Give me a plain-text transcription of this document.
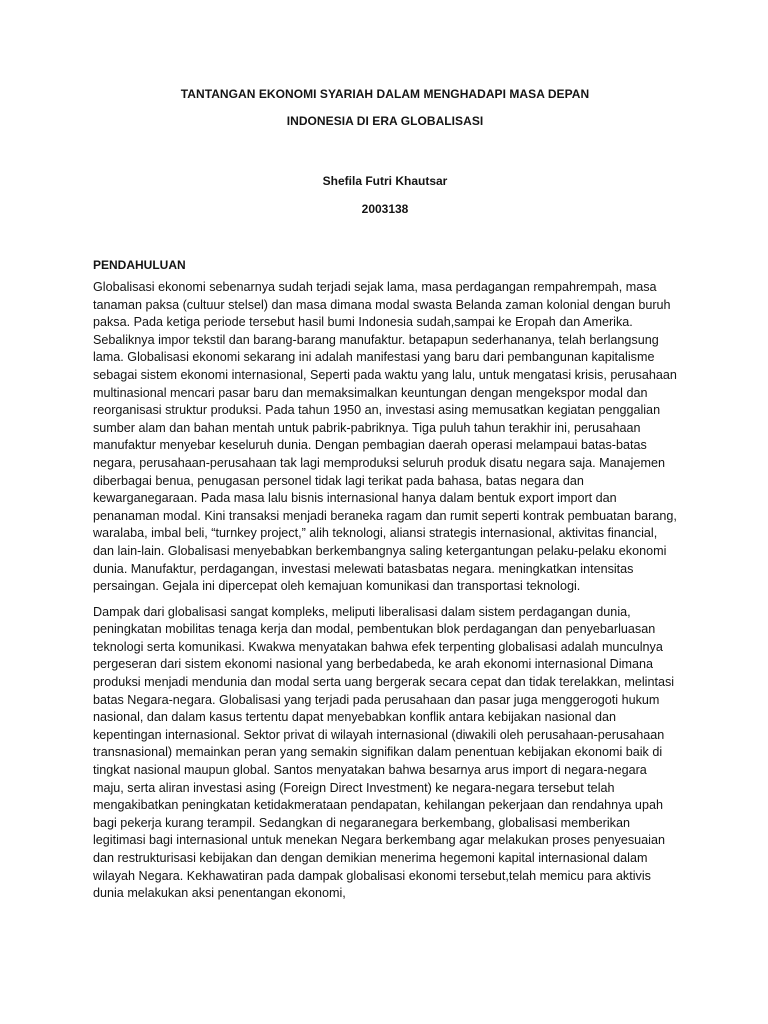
TANTANGAN EKONOMI SYARIAH DALAM MENGHADAPI MASA DEPAN

INDONESIA DI ERA GLOBALISASI

Shefila Futri Khautsar

2003138

PENDAHULUAN

Globalisasi ekonomi sebenarnya sudah terjadi sejak lama, masa perdagangan rempahrempah, masa tanaman paksa (cultuur stelsel) dan masa dimana modal swasta Belanda zaman kolonial dengan buruh paksa. Pada ketiga periode tersebut hasil bumi Indonesia sudah,sampai ke Eropah dan Amerika. Sebaliknya impor tekstil dan barang-barang manufaktur. betapapun sederhananya, telah berlangsung lama. Globalisasi ekonomi sekarang ini adalah manifestasi yang baru dari pembangunan kapitalisme sebagai sistem ekonomi internasional, Seperti pada waktu yang lalu, untuk mengatasi krisis, perusahaan multinasional mencari pasar baru dan memaksimalkan keuntungan dengan mengekspor modal dan reorganisasi struktur produksi. Pada tahun 1950 an, investasi asing memusatkan kegiatan penggalian sumber alam dan bahan mentah untuk pabrik-pabriknya. Tiga puluh tahun terakhir ini, perusahaan manufaktur menyebar keseluruh dunia. Dengan pembagian daerah operasi melampaui batas-batas negara, perusahaan-perusahaan tak lagi memproduksi seluruh produk disatu negara saja. Manajemen diberbagai benua, penugasan personel tidak lagi terikat pada bahasa, batas negara dan kewarganegaraan. Pada masa lalu bisnis internasional hanya dalam bentuk export import dan penanaman modal. Kini transaksi menjadi beraneka ragam dan rumit seperti kontrak pembuatan barang, waralaba, imbal beli, “turnkey project,” alih teknologi, aliansi strategis internasional, aktivitas financial, dan lain-lain. Globalisasi menyebabkan berkembangnya saling ketergantungan pelaku-pelaku ekonomi dunia. Manufaktur, perdagangan, investasi melewati batasbatas negara. meningkatkan intensitas persaingan. Gejala ini dipercepat oleh kemajuan komunikasi dan transportasi teknologi.

Dampak dari globalisasi sangat kompleks, meliputi liberalisasi dalam sistem perdagangan dunia, peningkatan mobilitas tenaga kerja dan modal, pembentukan blok perdagangan dan penyebarluasan teknologi serta komunikasi. Kwakwa menyatakan bahwa efek terpenting globalisasi adalah munculnya pergeseran dari sistem ekonomi nasional yang berbedabeda, ke arah ekonomi internasional Dimana produksi menjadi mendunia dan modal serta uang bergerak secara cepat dan tidak terelakkan, melintasi batas Negara-negara. Globalisasi yang terjadi pada perusahaan dan pasar juga menggerogoti hukum nasional, dan dalam kasus tertentu dapat menyebabkan konflik antara kebijakan nasional dan kepentingan internasional. Sektor privat di wilayah internasional (diwakili oleh perusahaan-perusahaan transnasional) memainkan peran yang semakin signifikan dalam penentuan kebijakan ekonomi baik di tingkat nasional maupun global. Santos menyatakan bahwa besarnya arus import di negara-negara maju, serta aliran investasi asing (Foreign Direct Investment) ke negara-negara tersebut telah mengakibatkan peningkatan ketidakmerataan pendapatan, kehilangan pekerjaan dan rendahnya upah bagi pekerja kurang terampil. Sedangkan di negaranegara berkembang, globalisasi memberikan legitimasi bagi internasional untuk menekan Negara berkembang agar melakukan proses penyesuaian dan restrukturisasi kebijakan dan dengan demikian menerima hegemoni kapital internasional dalam wilayah Negara. Kekhawatiran pada dampak globalisasi ekonomi tersebut,telah memicu para aktivis dunia melakukan aksi penentangan ekonomi,
